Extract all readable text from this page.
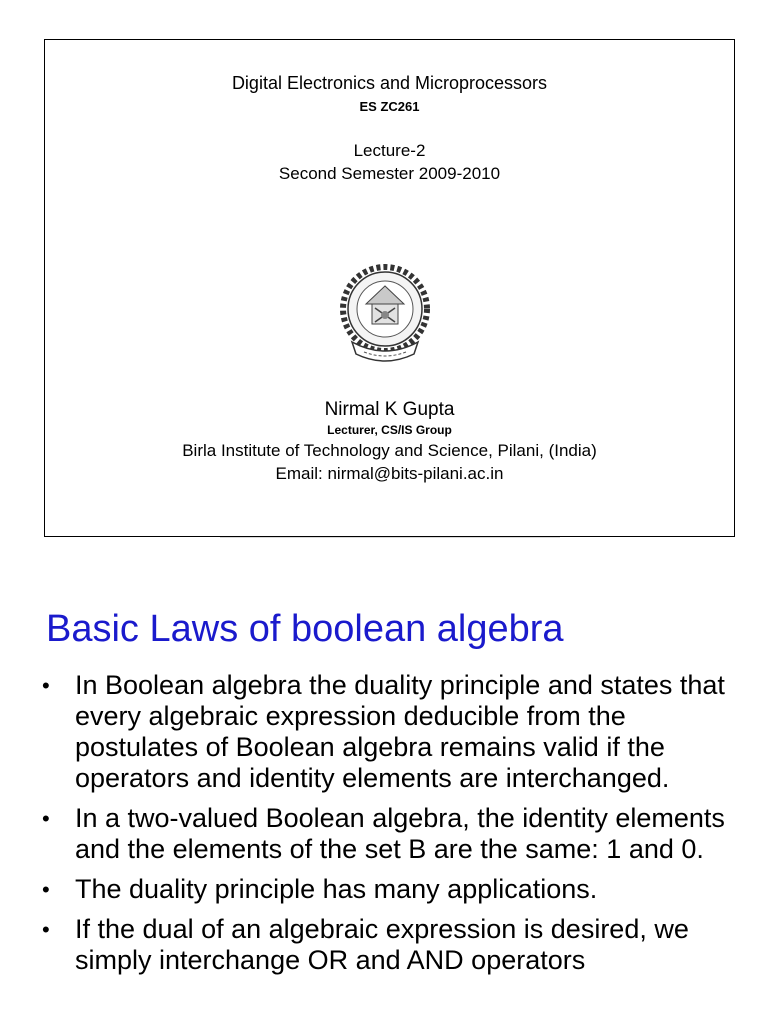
Digital Electronics and Microprocessors
ES ZC261
Lecture-2
Second Semester 2009-2010
Nirmal K Gupta
Lecturer, CS/IS Group
Birla Institute of Technology and Science, Pilani, (India)
Email: nirmal@bits-pilani.ac.in
Basic Laws of boolean algebra
• In Boolean algebra the duality principle and states that every algebraic expression deducible from the postulates of Boolean algebra remains valid if the operators and identity elements are interchanged.
• In a two-valued Boolean algebra, the identity elements and the elements of the set B are the same: 1 and 0.
• The duality principle has many applications.
• If the dual of an algebraic expression is desired, we simply interchange OR and AND operators
